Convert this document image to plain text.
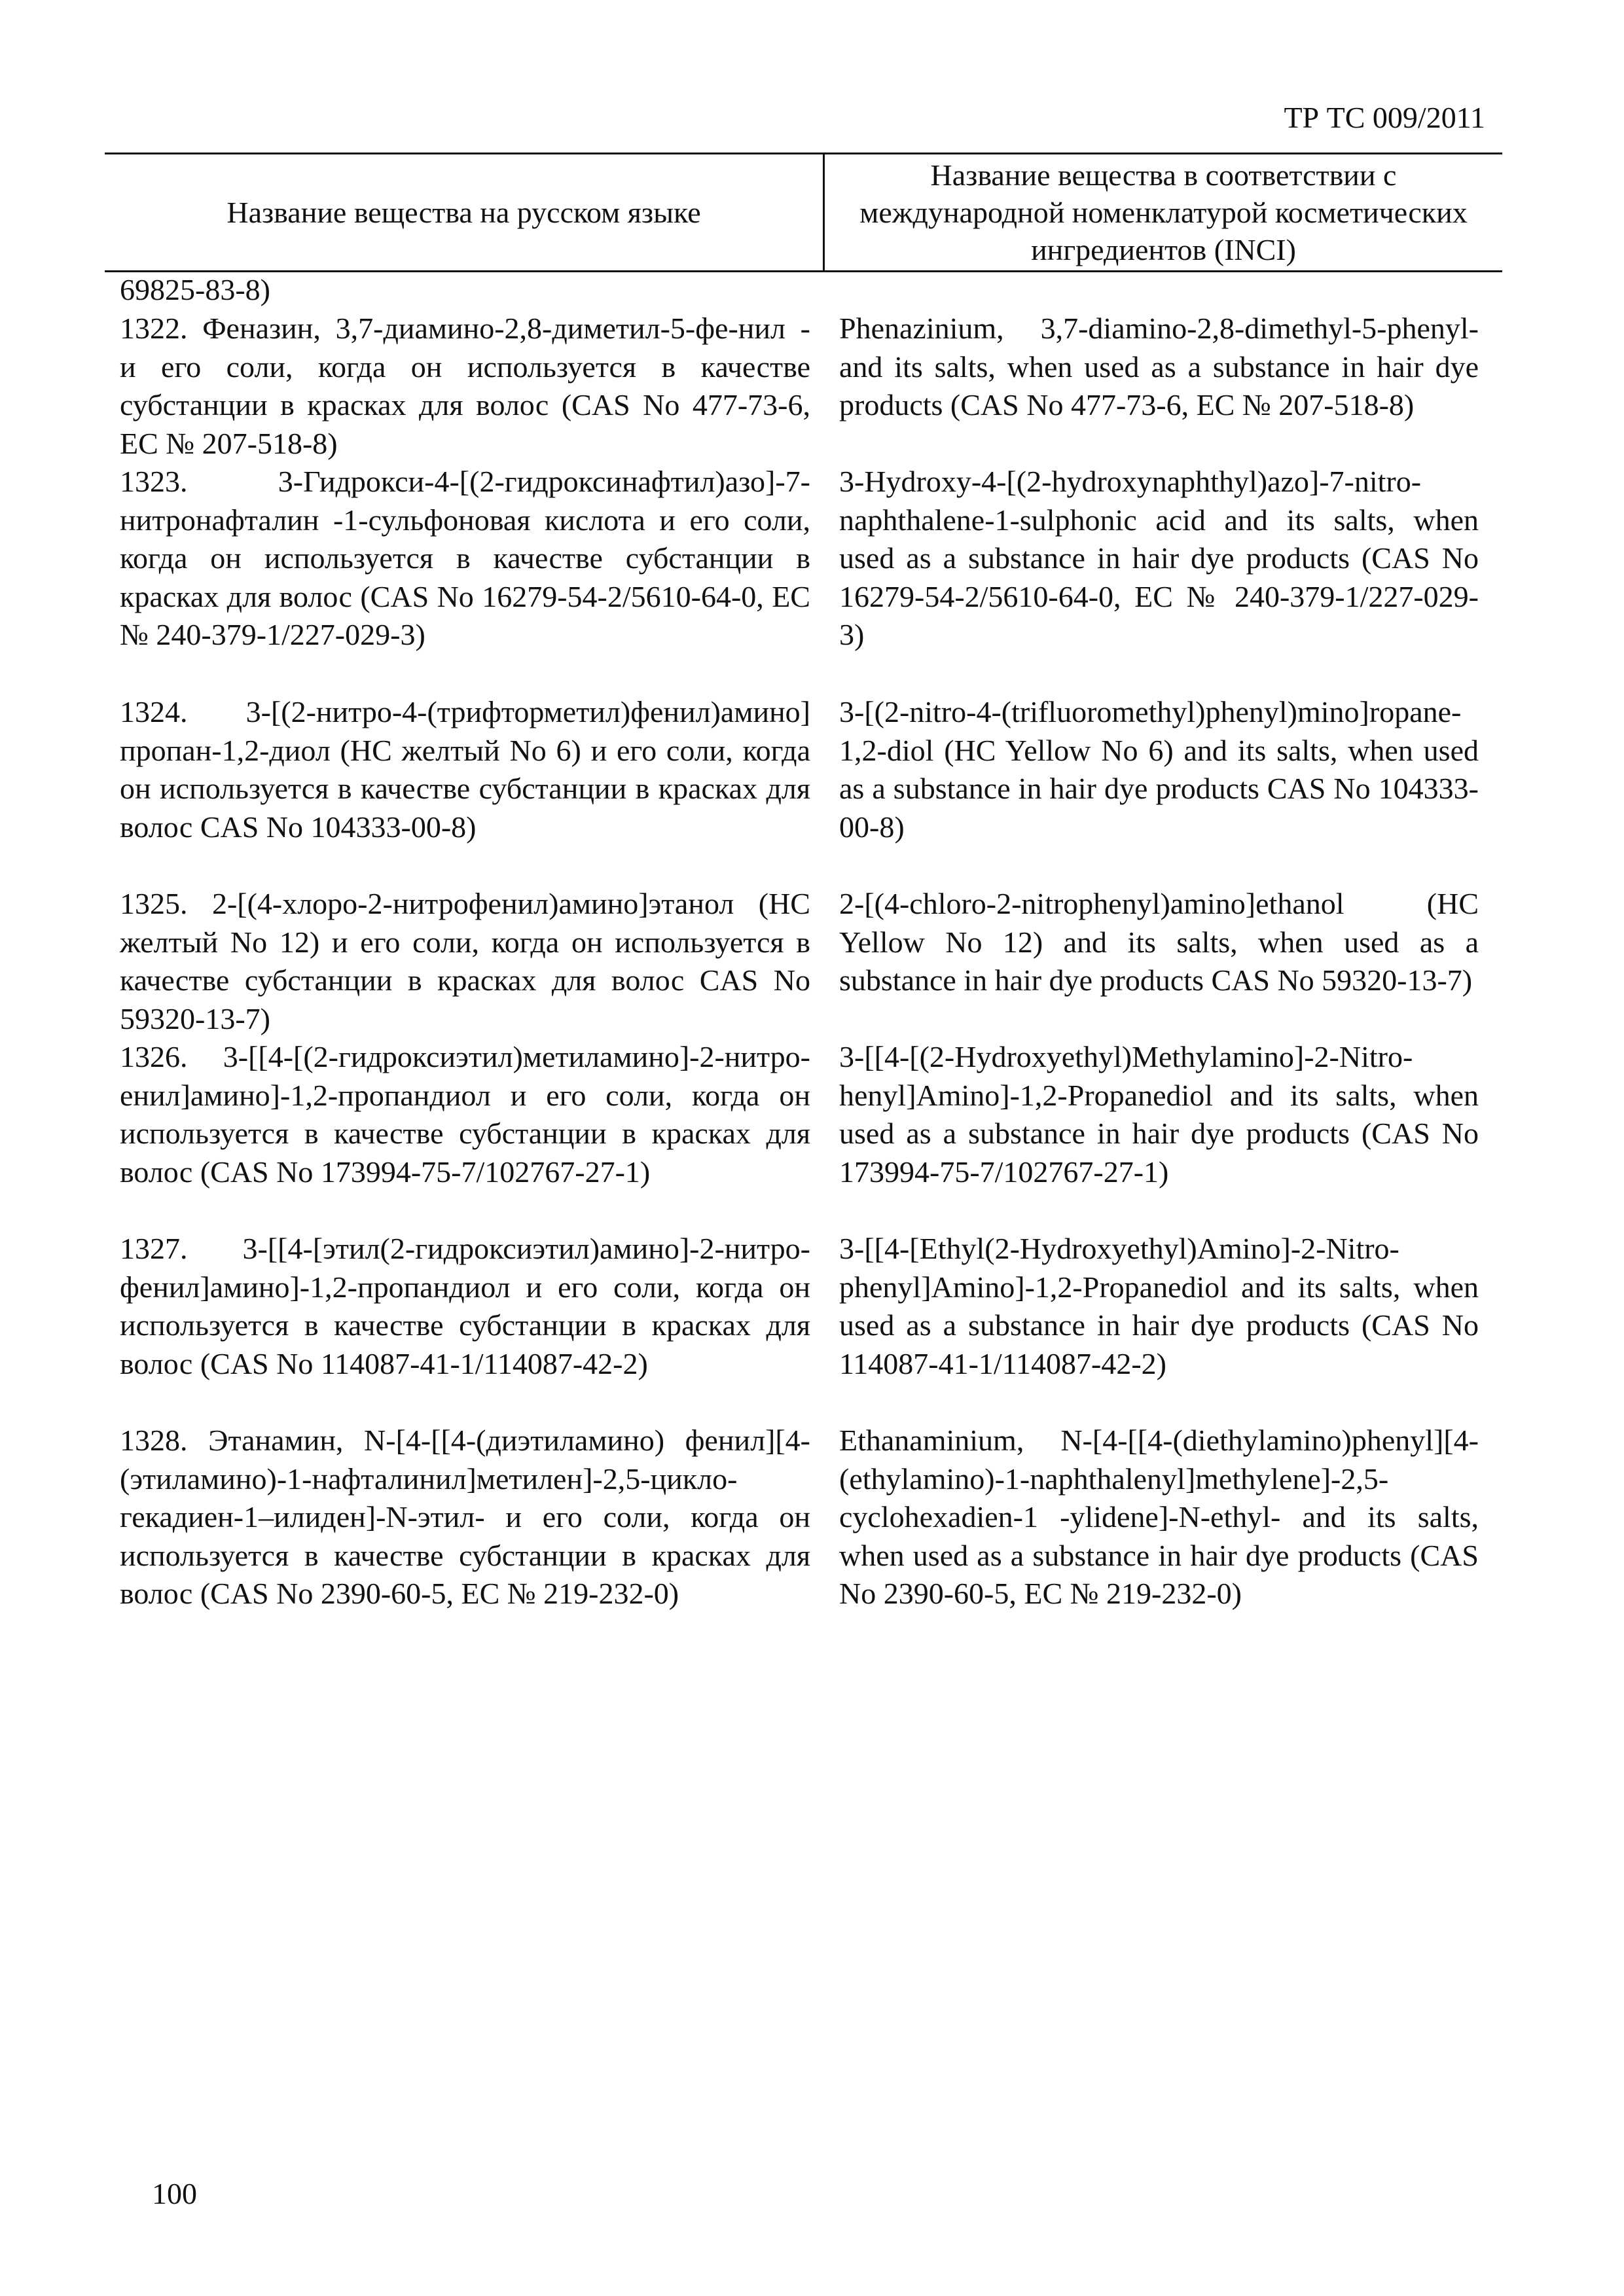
ТР ТС 009/2011
Название вещества на русском языке
Название вещества в соответствии с международной номенклатурой косметических ингредиентов (INCI)
69825-83-8)
1322. Феназин, 3,7-диамино-2,8-диметил-5-фе-нил - и его соли, когда он используется в качестве субстанции в красках для волос (CAS No 477-73-6, ЕС № 207-518-8)
Phenazinium, 3,7-diamino-2,8-dimethyl-5-phenyl- and its salts, when used as a substance in hair dye products (CAS No 477-73-6, EC № 207-518-8)
1323. 3-Гидрокси-4-[(2-гидроксинафтил)азо]-7-нитронафталин -1-сульфоновая кислота и его соли, когда он используется в качестве субстанции в красках для волос (CAS No 16279-54-2/5610-64-0, ЕС № 240-379-1/227-029-3)
3-Hydroxy-4-[(2-hydroxynaphthyl)azo]-7-nitro-naphthalene-1-sulphonic acid and its salts, when used as a substance in hair dye products (CAS No 16279-54-2/5610-64-0, EC № 240-379-1/227-029-3)
1324. 3-[(2-нитро-4-(трифторметил)фенил)амино] пропан-1,2-диол (НС желтый No 6) и его соли, когда он используется в качестве субстанции в красках для волос CAS No 104333-00-8)
3-[(2-nitro-4-(trifluoromethyl)phenyl)mino]ropane-1,2-diol (HC Yellow No 6) and its salts, when used as a substance in hair dye products CAS No 104333-00-8)
1325. 2-[(4-хлоро-2-нитрофенил)амино]этанол (НС желтый No 12) и его соли, когда он используется в качестве субстанции в красках для волос CAS No 59320-13-7)
2-[(4-chloro-2-nitrophenyl)amino]ethanol (HC Yellow No 12) and its salts, when used as a substance in hair dye products CAS No 59320-13-7)
1326. 3-[[4-[(2-гидроксиэтил)метиламино]-2-нитро-енил]амино]-1,2-пропандиол и его соли, когда он используется в качестве субстанции в красках для волос (CAS No 173994-75-7/102767-27-1)
3-[[4-[(2-Hydroxyethyl)Methylamino]-2-Nitro-henyl]Amino]-1,2-Propanediol and its salts, when used as a substance in hair dye products (CAS No 173994-75-7/102767-27-1)
1327. 3-[[4-[этил(2-гидроксиэтил)амино]-2-нитро-фенил]амино]-1,2-пропандиол и его соли, когда он используется в качестве субстанции в красках для волос (CAS No 114087-41-1/114087-42-2)
3-[[4-[Ethyl(2-Hydroxyethyl)Amino]-2-Nitro-phenyl]Amino]-1,2-Propanediol and its salts, when used as a substance in hair dye products (CAS No 114087-41-1/114087-42-2)
1328. Этанамин, N-[4-[[4-(диэтиламино) фенил][4-(этиламино)-1-нафталинил]метилен]-2,5-цикло-гекадиен-1–илиден]-N-этил- и его соли, когда он используется в качестве субстанции в красках для волос (CAS No 2390-60-5, ЕС № 219-232-0)
Ethanaminium, N-[4-[[4-(diethylamino)phenyl][4-(ethylamino)-1-naphthalenyl]methylene]-2,5-cyclohexadien-1 -ylidene]-N-ethyl- and its salts, when used as a substance in hair dye products (CAS No 2390-60-5, EC № 219-232-0)
100
